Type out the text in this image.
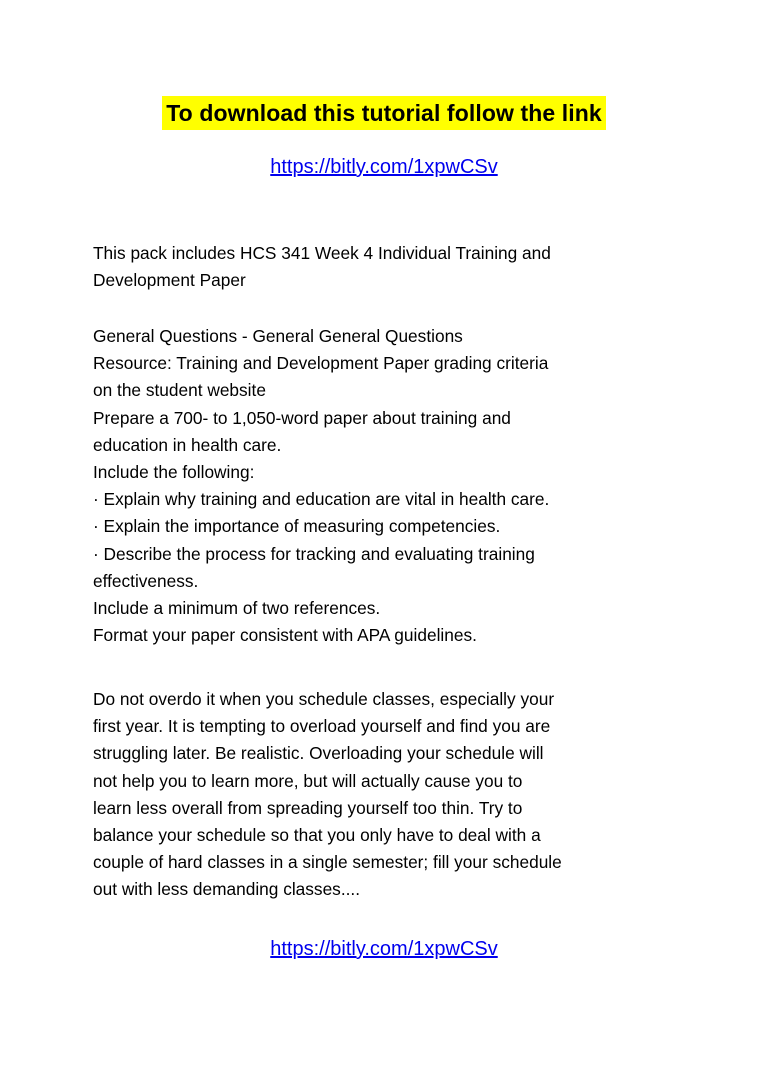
To download this tutorial follow the link
https://bitly.com/1xpwCSv
This pack includes HCS 341 Week 4 Individual Training and
Development Paper
General Questions - General General Questions
Resource: Training and Development Paper grading criteria
on the student website
Prepare a 700- to 1,050-word paper about training and
education in health care.
Include the following:
· Explain why training and education are vital in health care.
· Explain the importance of measuring competencies.
· Describe the process for tracking and evaluating training
effectiveness.
Include a minimum of two references.
Format your paper consistent with APA guidelines.
Do not overdo it when you schedule classes, especially your
first year. It is tempting to overload yourself and find you are
struggling later. Be realistic. Overloading your schedule will
not help you to learn more, but will actually cause you to
learn less overall from spreading yourself too thin. Try to
balance your schedule so that you only have to deal with a
couple of hard classes in a single semester; fill your schedule
out with less demanding classes....
https://bitly.com/1xpwCSv
